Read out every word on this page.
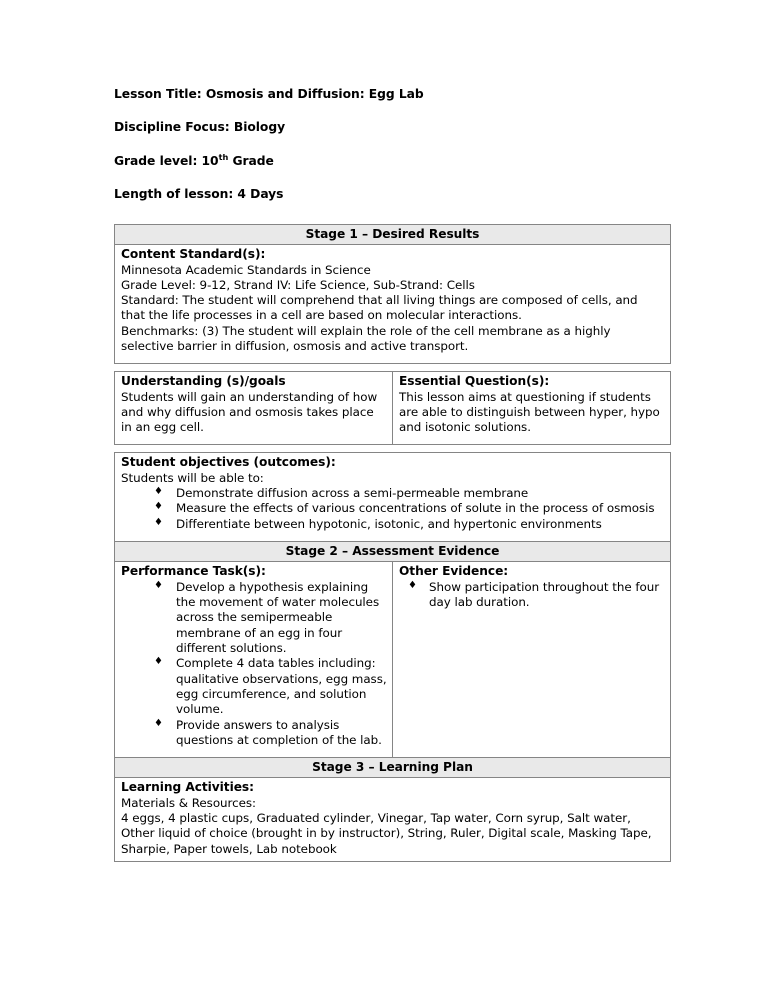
Lesson Title: Osmosis and Diffusion: Egg Lab
Discipline Focus: Biology
Grade level: 10th Grade
Length of lesson: 4 Days
Stage 1 – Desired Results	

Content Standard(s):
Minnesota Academic Standards in Science
Grade Level: 9-12, Strand IV: Life Science, Sub-Strand: Cells
Standard: The student will comprehend that all living things are composed of cells, and that the life processes in a cell are based on molecular interactions.
Benchmarks: (3) The student will explain the role of the cell membrane as a highly selective barrier in diffusion, osmosis and active transport.	

Understanding (s)/goals
Students will gain an understanding of how and why diffusion and osmosis takes place in an egg cell.

Essential Question(s):
This lesson aims at questioning if students are able to distinguish between hyper, hypo and isotonic solutions.

Student objectives (outcomes):
Students will be able to:
♦ Demonstrate diffusion across a semi-permeable membrane
♦ Measure the effects of various concentrations of solute in the process of osmosis
♦ Differentiate between hypotonic, isotonic, and hypertonic environments

Stage 2 – Assessment Evidence	

Performance Task(s):
♦ Develop a hypothesis explaining the movement of water molecules across the semipermeable membrane of an egg in four different solutions.
♦ Complete 4 data tables including: qualitative observations, egg mass, egg circumference, and solution volume.
♦ Provide answers to analysis questions at completion of the lab.

Other Evidence:
♦ Show participation throughout the four day lab duration.

Stage 3 – Learning Plan	

Learning Activities:
Materials & Resources:
4 eggs, 4 plastic cups, Graduated cylinder, Vinegar, Tap water, Corn syrup, Salt water, Other liquid of choice (brought in by instructor), String, Ruler, Digital scale, Masking Tape, Sharpie, Paper towels, Lab notebook	
